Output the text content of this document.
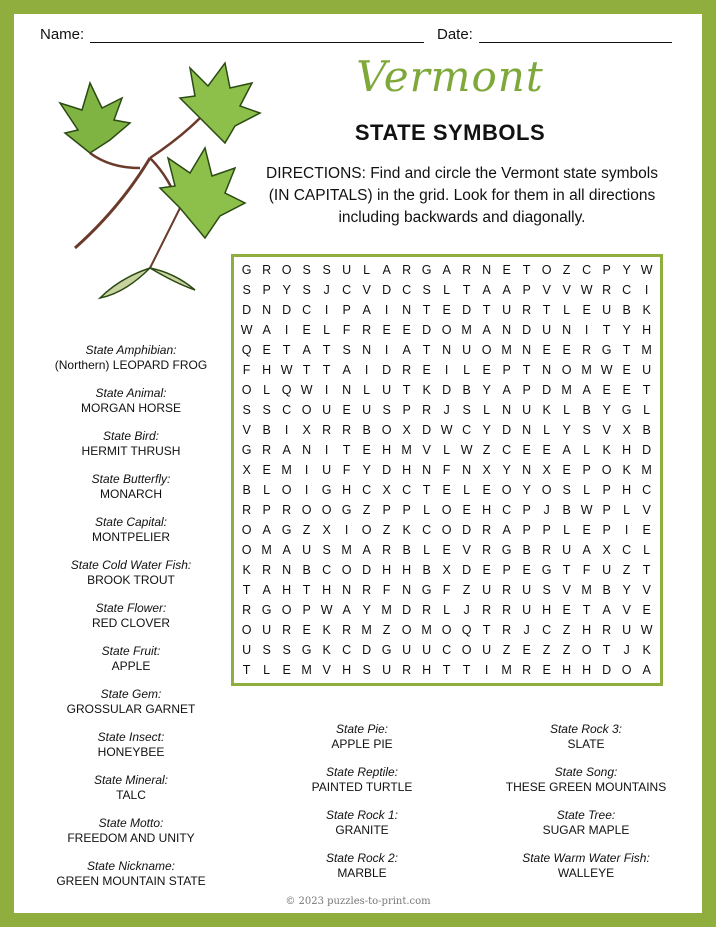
Name:	Date:
Vermont
STATE SYMBOLS
DIRECTIONS: Find and circle the Vermont state symbols (IN CAPITALS) in the grid. Look for them in all directions including backwards and diagonally.
G R O S S U L A R G A R N E T O Z C P Y W
S P Y S	J C V D C S L	T A A P V V W R C	I
D N D C	I	P A	I	N T E D T U R T	L E U B K
W A	I	E L	F R E E D O M A N D U N	I	T Y H
Q E T A T S N	I	A T N U O M N E E R G T M
F H W T T A	I	D R E	I	L E P T N O M W E U
O L Q W I	N L U T K D B Y A P D M A E E T
S S C O U E U S P R J	S L N U K L B Y G L
V B	I	X R R B O X D W C Y D N L Y S V X B
G R A N	I	T E H M V L W Z C E E A L K H D
X E M	I	U F Y D H N F N X Y N X E P O K M
B L O	I	G H C X C T E L E O Y O S L P H C
R P R O O G Z P P L O E H C P	J	B W P L V
O A G Z X	I	O Z K C O D R A P P L E P	I	E
O M A U S M A R B L E V R G B R U A X C L
K R N B C O D H H B X D E P E G T F U Z T
T A H T H N R F N G F Z U R U S V M B Y V
R G O P W A Y M D R L	J R R U H E T A V E
O U R E K R M Z O M O Q T R J C Z H R U W
U S S G K C D G U U C O U Z E Z Z O T	J	K
T	L E M V H S U R H T T	I	M R E H H D O A
State Amphibian:
(Northern) LEOPARD FROG
State Animal:
MORGAN HORSE
State Bird:
HERMIT THRUSH
State Butterfly:
MONARCH
State Capital:
MONTPELIER
State Cold Water Fish:
BROOK TROUT
State Flower:
RED CLOVER
State Fruit:
APPLE
State Gem:
GROSSULAR GARNET
State Insect:
HONEYBEE
State Mineral:
TALC
State Motto:
FREEDOM AND UNITY
State Nickname:
GREEN MOUNTAIN STATE
State Pie:
APPLE PIE
State Reptile:
PAINTED TURTLE
State Rock 1:
GRANITE
State Rock 2:
MARBLE
State Rock 3:
SLATE
State Song:
THESE GREEN MOUNTAINS
State Tree:
SUGAR MAPLE
State Warm Water Fish:
WALLEYE
© 2023 puzzles-to-print.com
